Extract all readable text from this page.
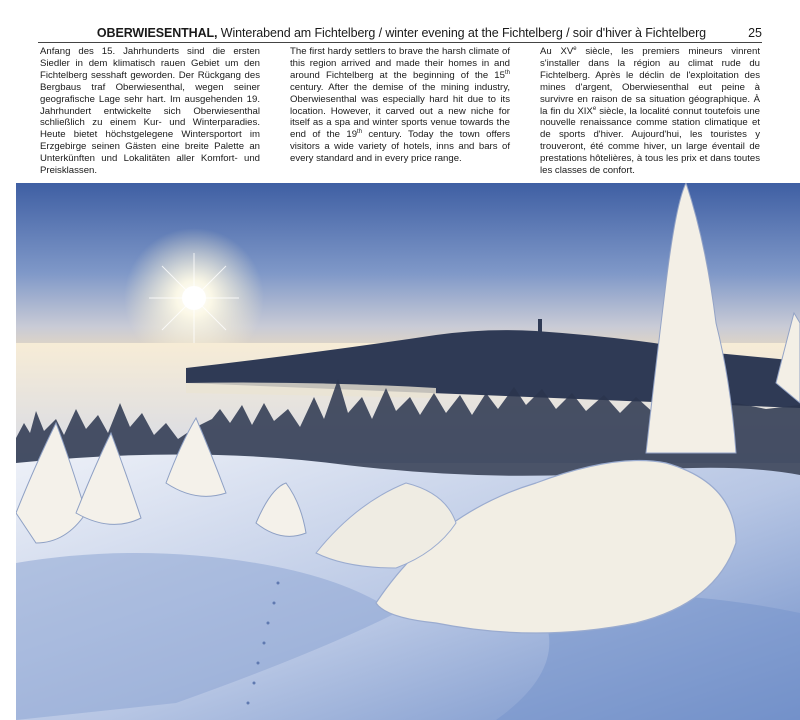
OBERWIESENTHAL, Winterabend am Fichtelberg / winter evening at the Fichtelberg / soir d'hiver à Fichtelberg	25
Anfang des 15. Jahrhunderts sind die ersten Siedler in dem klimatisch rauen Gebiet um den Fichtelberg sesshaft geworden. Der Rückgang des Bergbaus traf Oberwiesenthal, wegen seiner geografische Lage sehr hart. Im ausgehenden 19. Jahrhundert entwickelte sich Oberwiesenthal schließlich zu einem Kur- und Winterparadies. Heute bietet höchstgelegene Wintersportort im Erzgebirge seinen Gästen eine breite Palette an Unterkünften und Lokalitäten aller Komfort- und Preisklassen.
The first hardy settlers to brave the harsh climate of this region arrived and made their homes in and around Fichtelberg at the beginning of the 15th century. After the demise of the mining industry, Oberwiesenthal was especially hard hit due to its location. However, it carved out a new niche for itself as a spa and winter sports venue towards the end of the 19th century. Today the town offers visitors a wide variety of hotels, inns and bars of every standard and in every price range.
Au XVe siècle, les premiers mineurs vinrent s'installer dans la région au climat rude du Fichtelberg. Après le déclin de l'exploitation des mines d'argent, Oberwiesenthal eut peine à survivre en raison de sa situation géographique. À la fin du XIXe siècle, la localité connut toutefois une nouvelle renaissance comme station climatique et de sports d'hiver. Aujourd'hui, les touristes y trouveront, été comme hiver, un large éventail de prestations hôtelières, à tous les prix et dans toutes les classes de confort.
